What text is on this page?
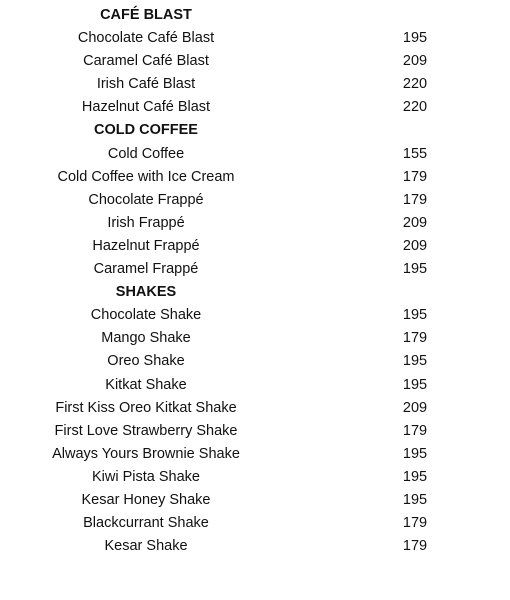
CAFÉ BLAST
Chocolate Café Blast	195
Caramel Café Blast	209
Irish Café Blast	220
Hazelnut Café Blast	220
COLD COFFEE
Cold Coffee	155
Cold Coffee with Ice Cream	179
Chocolate Frappé	179
Irish Frappé	209
Hazelnut Frappé	209
Caramel Frappé	195
SHAKES
Chocolate Shake	195
Mango Shake	179
Oreo Shake	195
Kitkat Shake	195
First Kiss Oreo Kitkat Shake	209
First Love Strawberry Shake	179
Always Yours Brownie Shake	195
Kiwi Pista Shake	195
Kesar Honey Shake	195
Blackcurrant Shake	179
Kesar Shake	179
